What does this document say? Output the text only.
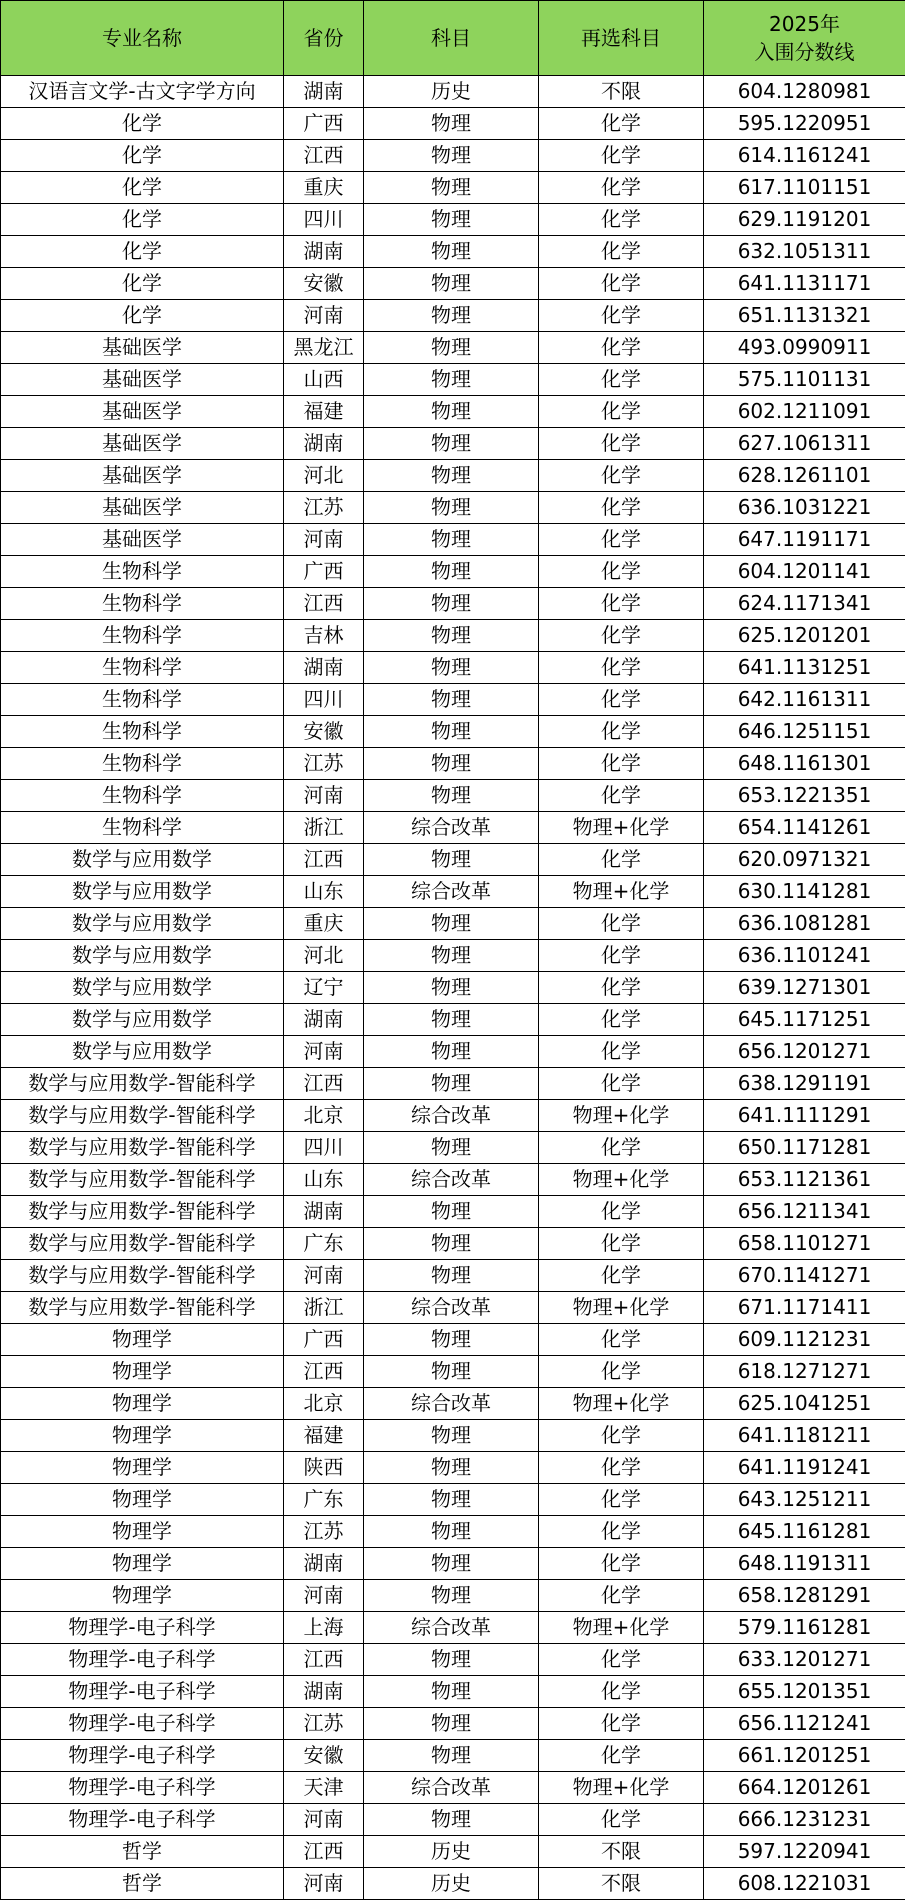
专业名称	省份	科目	再选科目	2025年
入围分数线

汉语言文学-古文字学方向	湖南	历史	不限	604.1280981
化学	广西	物理	化学	595.1220951
化学	江西	物理	化学	614.1161241
化学	重庆	物理	化学	617.1101151
化学	四川	物理	化学	629.1191201
化学	湖南	物理	化学	632.1051311
化学	安徽	物理	化学	641.1131171
化学	河南	物理	化学	651.1131321
基础医学	黑龙江	物理	化学	493.0990911
基础医学	山西	物理	化学	575.1101131
基础医学	福建	物理	化学	602.1211091
基础医学	湖南	物理	化学	627.1061311
基础医学	河北	物理	化学	628.1261101
基础医学	江苏	物理	化学	636.1031221
基础医学	河南	物理	化学	647.1191171
生物科学	广西	物理	化学	604.1201141
生物科学	江西	物理	化学	624.1171341
生物科学	吉林	物理	化学	625.1201201
生物科学	湖南	物理	化学	641.1131251
生物科学	四川	物理	化学	642.1161311
生物科学	安徽	物理	化学	646.1251151
生物科学	江苏	物理	化学	648.1161301
生物科学	河南	物理	化学	653.1221351
生物科学	浙江	综合改革	物理+化学	654.1141261
数学与应用数学	江西	物理	化学	620.0971321
数学与应用数学	山东	综合改革	物理+化学	630.1141281
数学与应用数学	重庆	物理	化学	636.1081281
数学与应用数学	河北	物理	化学	636.1101241
数学与应用数学	辽宁	物理	化学	639.1271301
数学与应用数学	湖南	物理	化学	645.1171251
数学与应用数学	河南	物理	化学	656.1201271
数学与应用数学-智能科学	江西	物理	化学	638.1291191
数学与应用数学-智能科学	北京	综合改革	物理+化学	641.1111291
数学与应用数学-智能科学	四川	物理	化学	650.1171281
数学与应用数学-智能科学	山东	综合改革	物理+化学	653.1121361
数学与应用数学-智能科学	湖南	物理	化学	656.1211341
数学与应用数学-智能科学	广东	物理	化学	658.1101271
数学与应用数学-智能科学	河南	物理	化学	670.1141271
数学与应用数学-智能科学	浙江	综合改革	物理+化学	671.1171411
物理学	广西	物理	化学	609.1121231
物理学	江西	物理	化学	618.1271271
物理学	北京	综合改革	物理+化学	625.1041251
物理学	福建	物理	化学	641.1181211
物理学	陕西	物理	化学	641.1191241
物理学	广东	物理	化学	643.1251211
物理学	江苏	物理	化学	645.1161281
物理学	湖南	物理	化学	648.1191311
物理学	河南	物理	化学	658.1281291
物理学-电子科学	上海	综合改革	物理+化学	579.1161281
物理学-电子科学	江西	物理	化学	633.1201271
物理学-电子科学	湖南	物理	化学	655.1201351
物理学-电子科学	江苏	物理	化学	656.1121241
物理学-电子科学	安徽	物理	化学	661.1201251
物理学-电子科学	天津	综合改革	物理+化学	664.1201261
物理学-电子科学	河南	物理	化学	666.1231231
哲学	江西	历史	不限	597.1220941
哲学	河南	历史	不限	608.1221031
